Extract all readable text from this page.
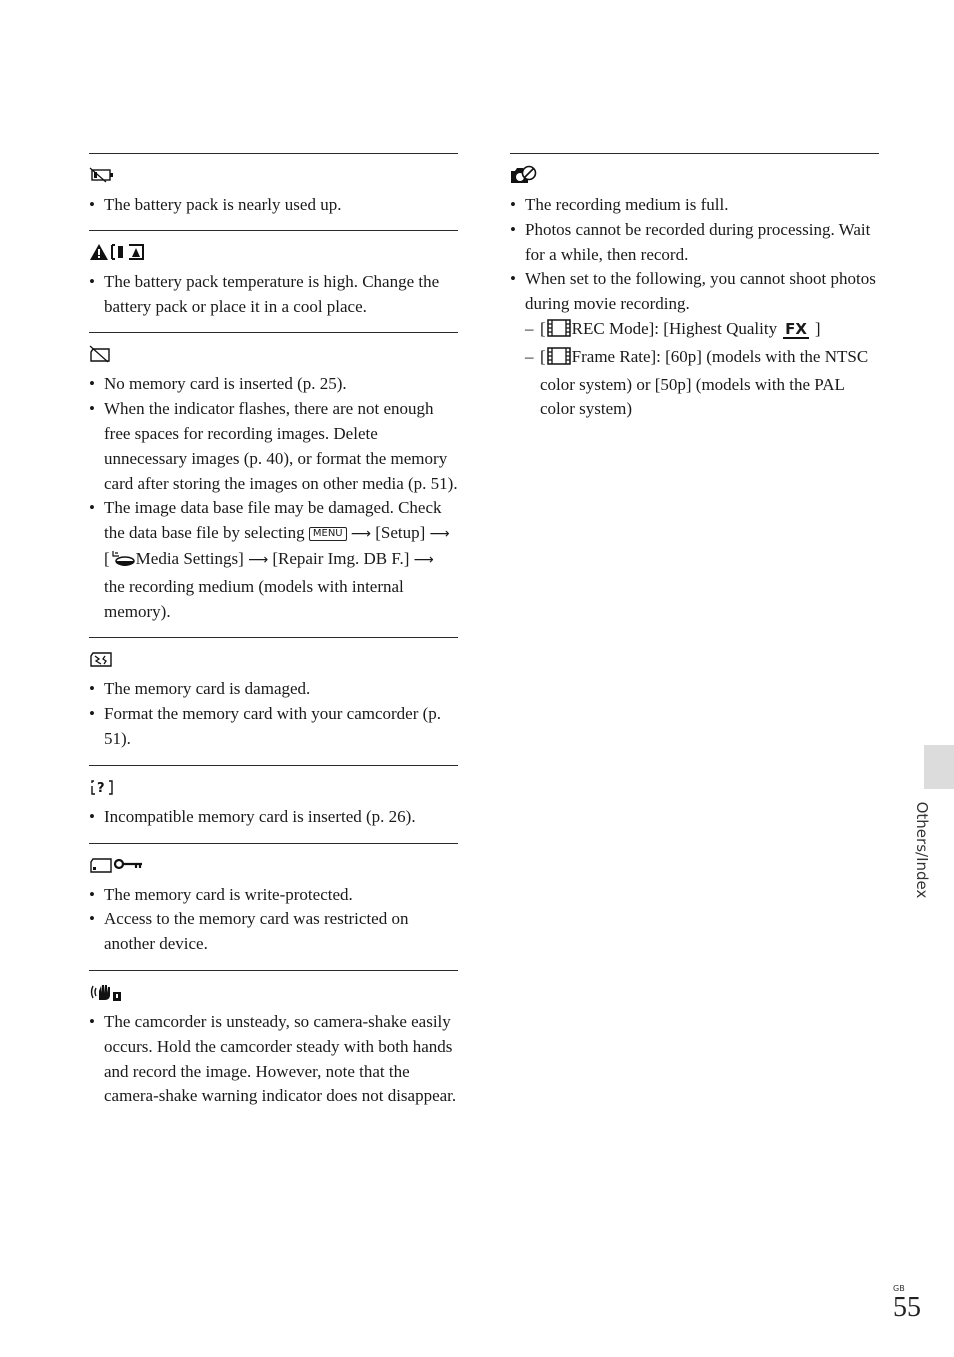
• The battery pack is nearly used up.
• The battery pack temperature is high. Change the battery pack or place it in a cool place.
• No memory card is inserted (p. 25).
• When the indicator flashes, there are not enough free spaces for recording images. Delete unnecessary images (p. 40), or format the memory card after storing the images on other media (p. 51).
• The image data base file may be damaged. Check the data base file by selecting MENU ⟶ [Setup] ⟶ [ Media Settings] ⟶ [Repair Img. DB F.] ⟶ the recording medium (models with internal memory).
• The memory card is damaged.
• Format the memory card with your camcorder (p. 51).
?
• Incompatible memory card is inserted (p. 26).
• The memory card is write-protected.
• Access to the memory card was restricted on another device.
• The camcorder is unsteady, so camera-shake easily occurs. Hold the camcorder steady with both hands and record the image. However, note that the camera-shake warning indicator does not disappear.
• The recording medium is full.
• Photos cannot be recorded during processing. Wait for a while, then record.
• When set to the following, you cannot shoot photos during movie recording.
– [ REC Mode]: [Highest Quality FX ]
– [ Frame Rate]: [60p] (models with the NTSC color system) or [50p] (models with the PAL color system)
Others/Index
GB
55
